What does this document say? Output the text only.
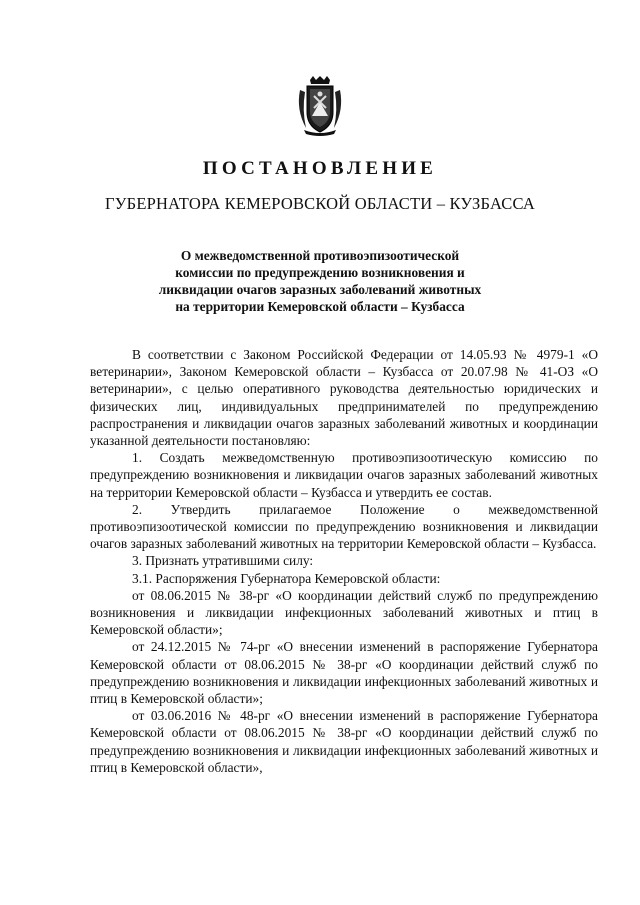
ПОСТАНОВЛЕНИЕ
ГУБЕРНАТОРА КЕМЕРОВСКОЙ ОБЛАСТИ – КУЗБАССА
О межведомственной противоэпизоотической
комиссии по предупреждению возникновения и
ликвидации очагов заразных заболеваний животных
на территории Кемеровской области – Кузбасса

В соответствии с Законом Российской Федерации от 14.05.93 № 4979-1 «О ветеринарии», Законом Кемеровской области – Кузбасса от 20.07.98 № 41-ОЗ «О ветеринарии», с целью оперативного руководства деятельностью юридических и физических лиц, индивидуальных предпринимателей по предупреждению распространения и ликвидации очагов заразных заболеваний животных и координации указанной деятельности постановляю:

1. Создать межведомственную противоэпизоотическую комиссию по предупреждению возникновения и ликвидации очагов заразных заболеваний животных на территории Кемеровской области – Кузбасса и утвердить ее состав.

2. Утвердить прилагаемое Положение о межведомственной противоэпизоотической комиссии по предупреждению возникновения и ликвидации очагов заразных заболеваний животных на территории Кемеровской области – Кузбасса.

3. Признать утратившими силу:

3.1. Распоряжения Губернатора Кемеровской области:

от 08.06.2015 № 38-рг «О координации действий служб по предупреждению возникновения и ликвидации инфекционных заболеваний животных и птиц в Кемеровской области»;

от 24.12.2015 № 74-рг «О внесении изменений в распоряжение Губернатора Кемеровской области от 08.06.2015 № 38-рг «О координации действий служб по предупреждению возникновения и ликвидации инфекционных заболеваний животных и птиц в Кемеровской области»;

от 03.06.2016 № 48-рг «О внесении изменений в распоряжение Губернатора Кемеровской области от 08.06.2015 № 38-рг «О координации действий служб по предупреждению возникновения и ликвидации инфекционных заболеваний животных и птиц в Кемеровской области»,
